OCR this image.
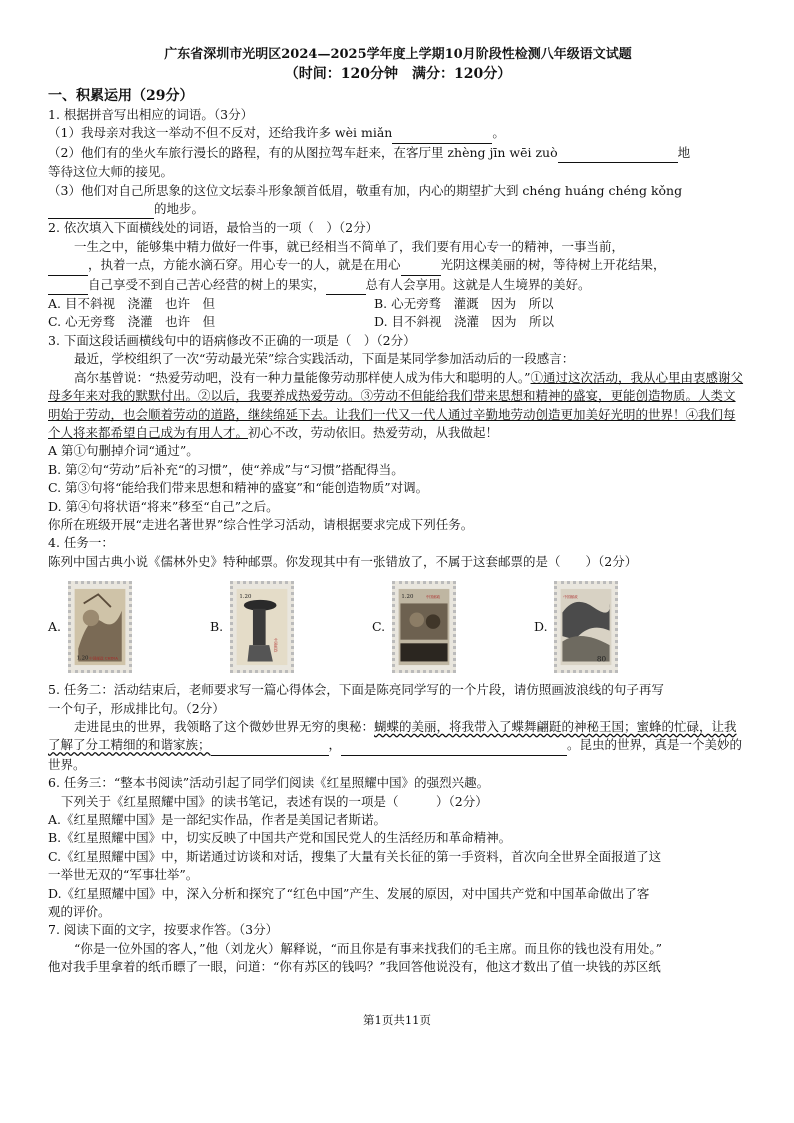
广东省深圳市光明区2024—2025学年度上学期10月阶段性检测八年级语文试题

（时间：120分钟　满分：120分）

一、积累运用（29分）

1. 根据拼音写出相应的词语。（3分）

（1）我母亲对我这一举动不但不反对，还给我许多 wèi miǎn	。

（2）他们有的坐火车旅行漫长的路程，有的从图拉驾车赶来，在客厅里 zhèng jīn wēi zuò	地

等待这位大师的接见。

（3）他们对自己所思象的这位文坛泰斗形象颔首低眉，敬重有加，内心的期望扩大到 chéng huáng chéng kǒng

的地步。

2. 依次填入下面横线处的词语，最恰当的一项（　）（2分）

一生之中，能够集中精力做好一件事，就已经相当不简单了，我们要有用心专一的精神，一事当前，

，执着一点，方能水滴石穿。用心专一的人，就是在用心	光阴这棵美丽的树，等待树上开花结果，

自己享受不到自己苦心经营的树上的果实，	总有人会享用。这就是人生境界的美好。

A. 目不斜视　浇灌　也许　但	B. 心无旁骛　灌溉　因为　所以
C. 心无旁骛　浇灌　也许　但	D. 目不斜视　浇灌　因为　所以

3. 下面这段话画横线句中的语病修改不正确的一项是（　）（2分）

最近，学校组织了一次“劳动最光荣”综合实践活动，下面是某同学参加活动后的一段感言：

高尔基曾说：“热爱劳动吧，没有一种力量能像劳动那样使人成为伟大和聪明的人。”①通过这次活动，我从心里由衷感谢父母多年来对我的默默付出。②以后，我要养成热爱劳动。③劳动不但能给我们带来思想和精神的盛宴，更能创造物质。人类文明始于劳动，也会顺着劳动的道路，继续绵延下去。让我们一代又一代人通过辛勤地劳动创造更加美好光明的世界！④我们每个人将来都希望自己成为有用人才。初心不改，劳动依旧。热爱劳动，从我做起！

A 第①句删掉介词“通过”。

B. 第②句“劳动”后补充“的习惯”，使“养成”与“习惯”搭配得当。

C. 第③句将“能给我们带来思想和精神的盛宴”和“能创造物质”对调。

D. 第④句将状语“将来”移至“自己”之后。

你所在班级开展“走进名著世界”综合性学习活动，请根据要求完成下列任务。

4. 任务一：

陈列中国古典小说《儒林外史》特种邮票。你发现其中有一张错放了，不属于这套邮票的是（　　）（2分）

A.
1.20 中国邮政 CHINA
B.
1.20
中国邮政
C.
1.20	中国邮政
D.
中国邮政
80

5. 任务二：活动结束后，老师要求写一篇心得体会，下面是陈亮同学写的一个片段，请仿照画波浪线的句子再写

一个句子，形成排比句。（2分）

走进昆虫的世界，我领略了这个微妙世界无穷的奥秘：蝴蝶的美丽，将我带入了蝶舞翩跹的神秘王国；蜜蜂的忙碌，让我了解了分工精细的和谐家族；	，	。昆虫的世界，真是一个美妙的世界。

6. 任务三：“整本书阅读”活动引起了同学们阅读《红星照耀中国》的强烈兴趣。

下列关于《红星照耀中国》的读书笔记，表述有误的一项是（　　　）（2分）

A.《红星照耀中国》是一部纪实作品，作者是美国记者斯诺。

B.《红星照耀中国》中，切实反映了中国共产党和国民党人的生活经历和革命精神。

C.《红星照耀中国》中，斯诺通过访谈和对话，搜集了大量有关长征的第一手资料，首次向全世界全面报道了这

一举世无双的“军事壮举”。

D.《红星照耀中国》中，深入分析和探究了“红色中国”产生、发展的原因，对中国共产党和中国革命做出了客

观的评价。

7. 阅读下面的文字，按要求作答。（3分）

“你是一位外国的客人，”他（刘龙火）解释说，“而且你是有事来找我们的毛主席。而且你的钱也没有用处。”

他对我手里拿着的纸币瞟了一眼，问道：“你有苏区的钱吗？”我回答他说没有，他这才数出了值一块钱的苏区纸

第1页共11页
